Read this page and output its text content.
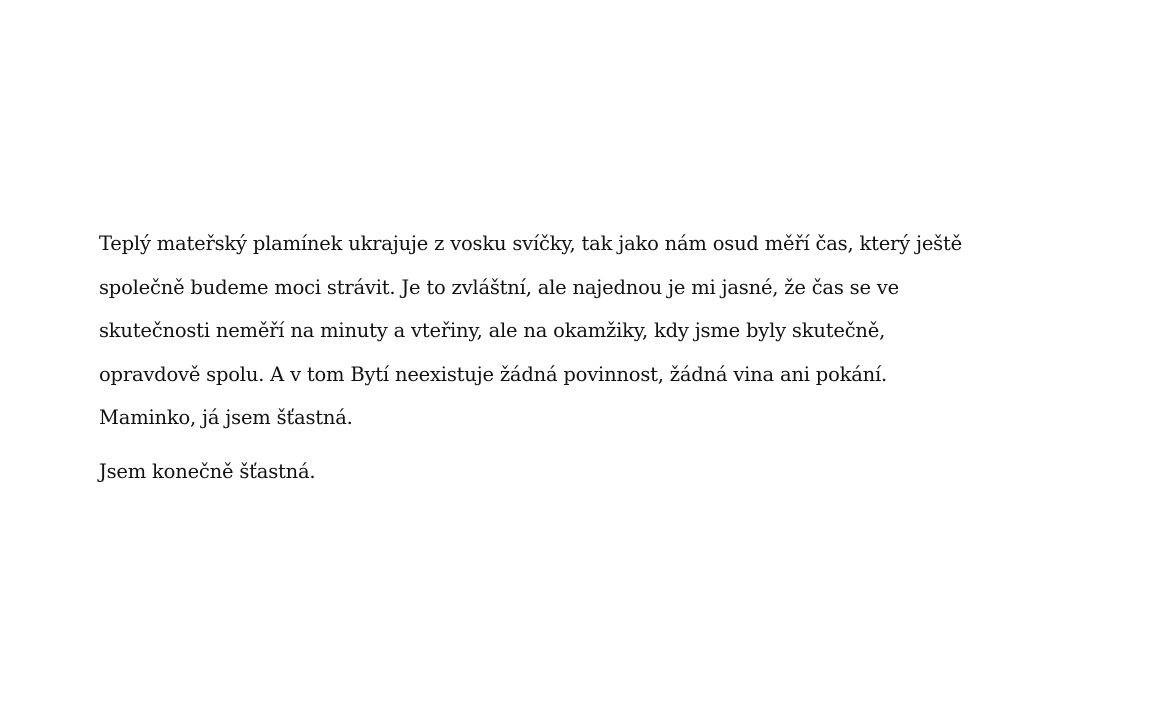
Teplý mateřský plamínek ukrajuje z vosku svíčky, tak jako nám osud měří čas, který ještě
společně budeme moci strávit. Je to zvláštní, ale najednou je mi jasné, že čas se ve
skutečnosti neměří na minuty a vteřiny, ale na okamžiky, kdy jsme byly skutečně,
opravdově spolu. A v tom Bytí neexistuje žádná povinnost, žádná vina ani pokání.
Maminko, já jsem šťastná.
Jsem konečně šťastná.
